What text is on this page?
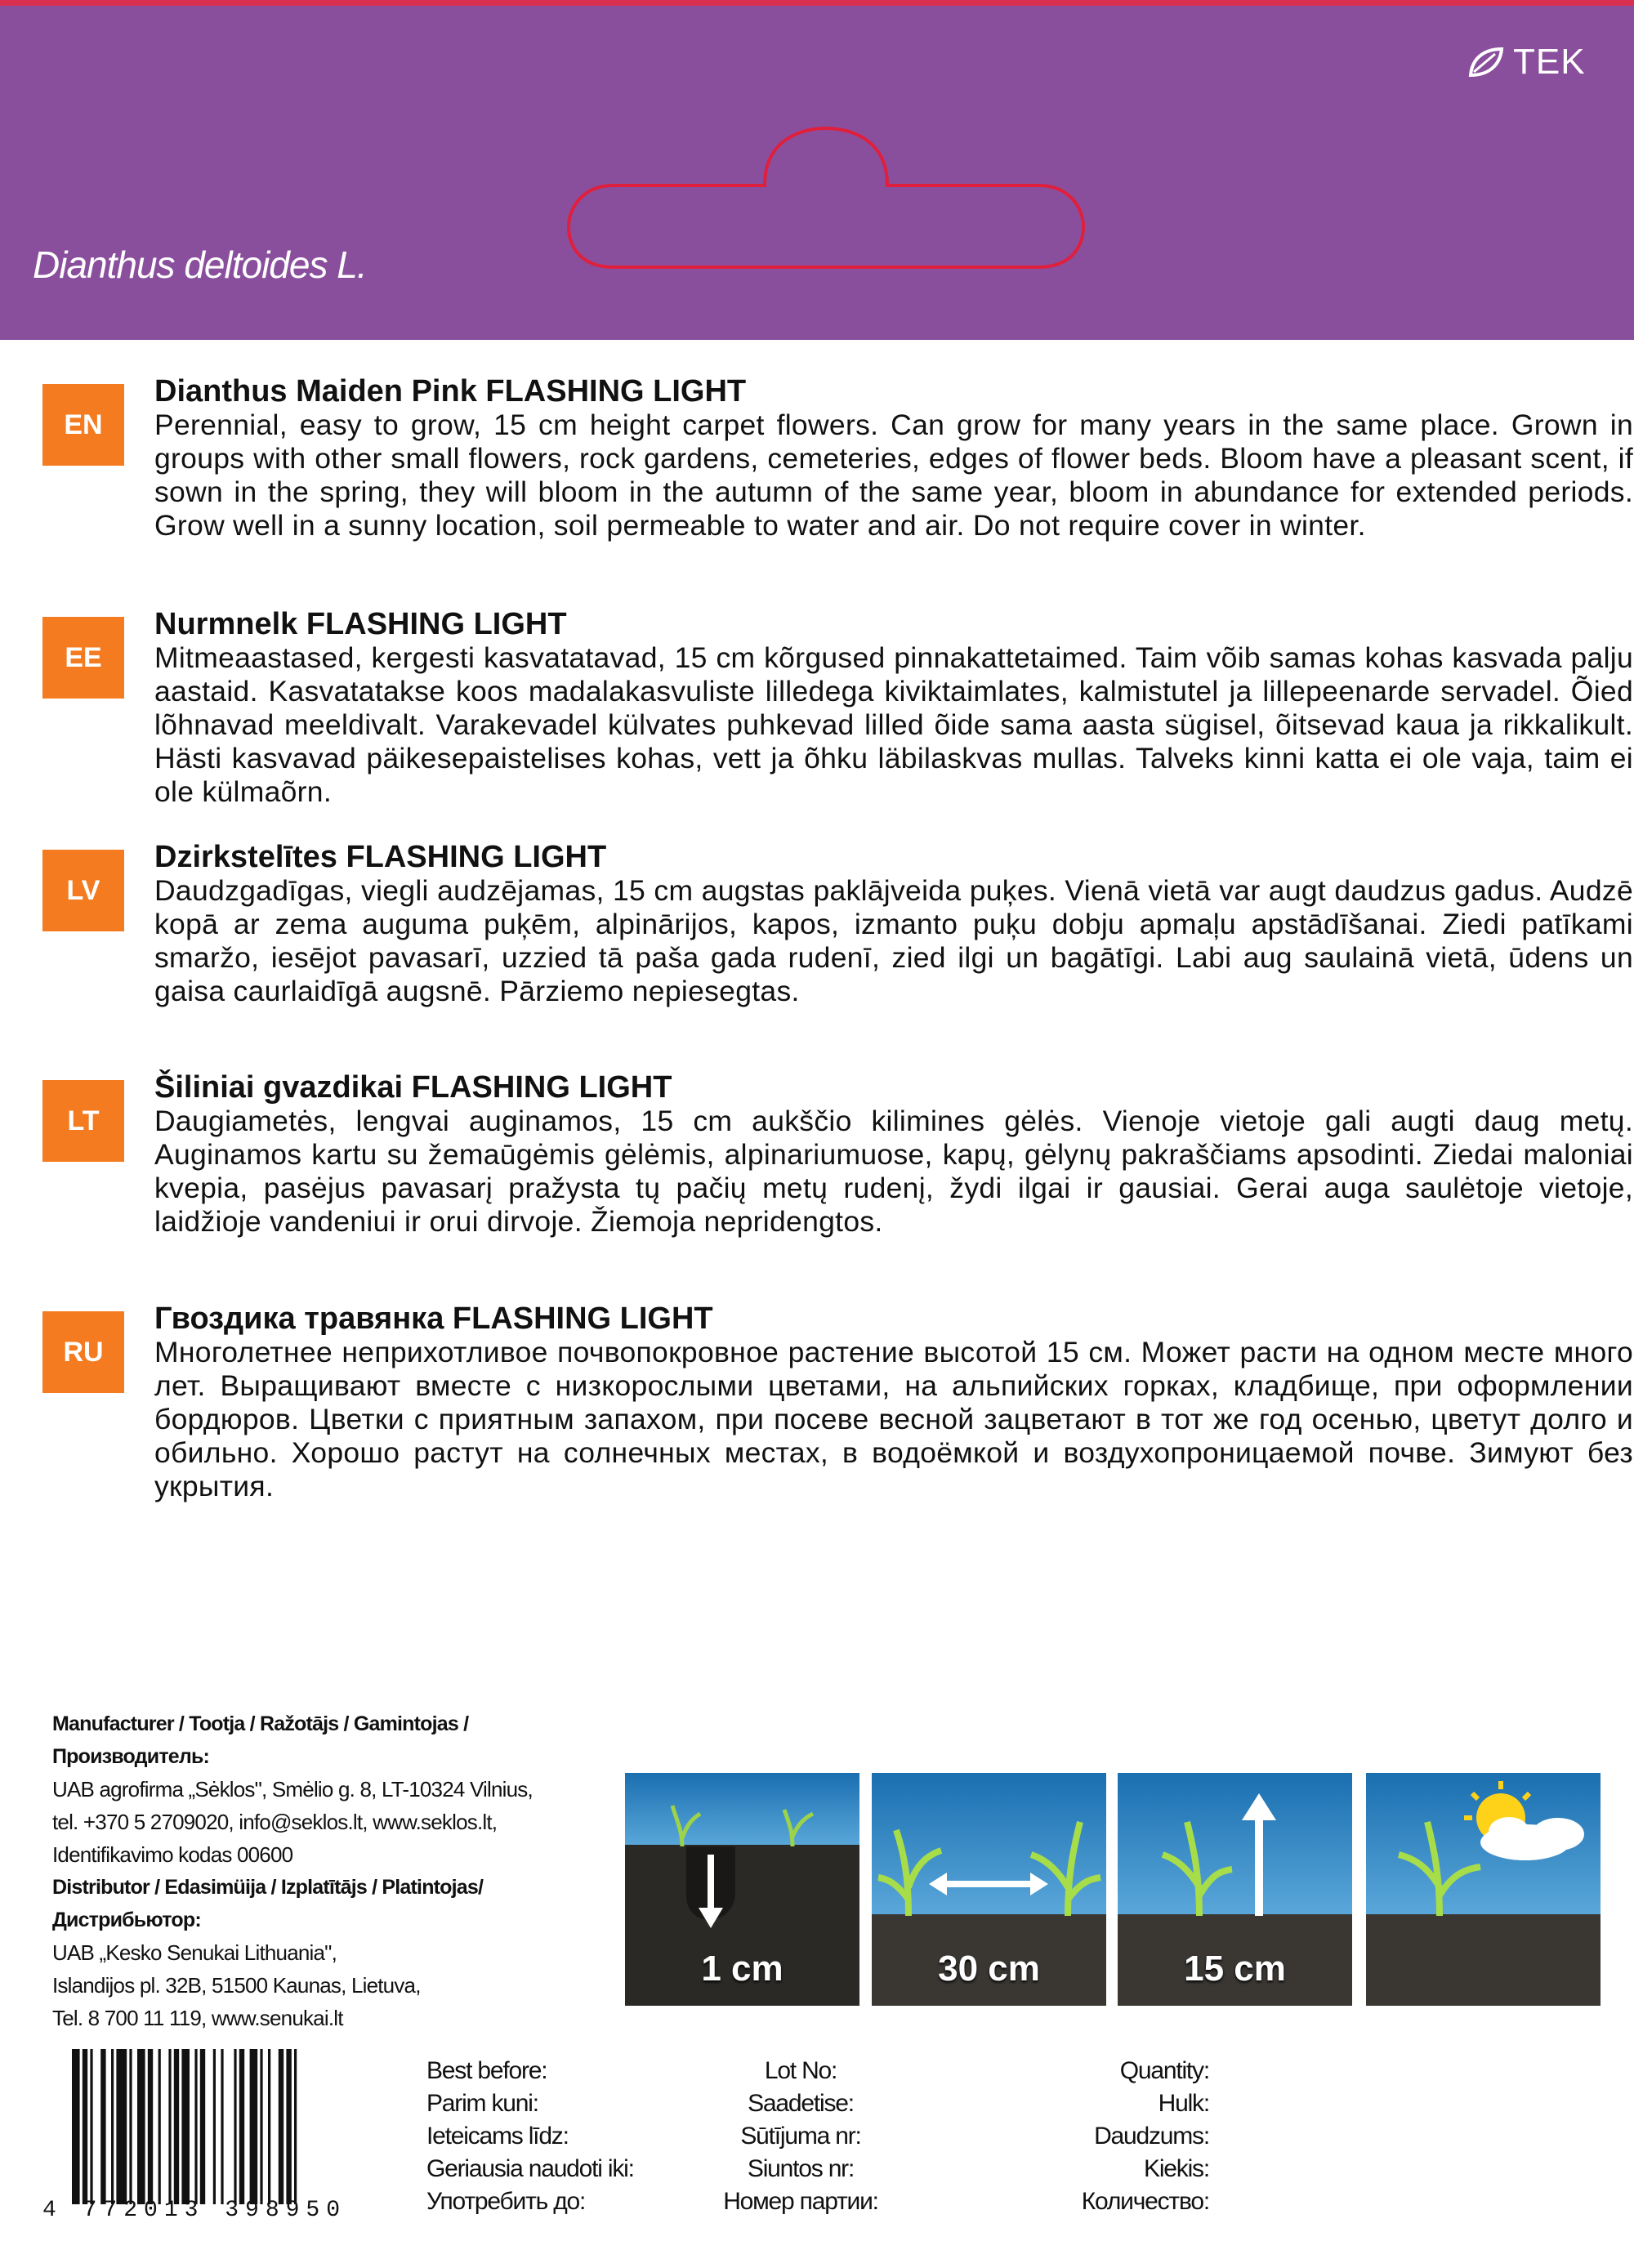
TEK
Dianthus deltoides L.
EN
Dianthus Maiden Pink FLASHING LIGHT
Perennial, easy to grow, 15 cm height carpet flowers. Can grow for many years in the same place. Grown in groups with other small flowers, rock gardens, cemeteries, edges of flower beds. Bloom have a pleasant scent, if sown in the spring, they will bloom in the autumn of the same year, bloom in abundance for extended periods. Grow well in a sunny location, soil permeable to water and air. Do not require cover in winter.
EE
Nurmnelk FLASHING LIGHT
Mitmeaastased, kergesti kasvatatavad, 15 cm kõrgused pinnakattetaimed. Taim võib samas kohas kasvada palju aastaid. Kasvatatakse koos madalakasvuliste lilledega kiviktaimlates, kalmistutel ja lillepeenarde servadel. Õied lõhnavad meeldivalt. Varakevadel külvates puhkevad lilled õide sama aasta sügisel, õitsevad kaua ja rikkalikult. Hästi kasvavad päikesepaistelises kohas, vett ja õhku läbilaskvas mullas. Talveks kinni katta ei ole vaja, taim ei ole külmaõrn.
LV
Dzirkstelītes FLASHING LIGHT
Daudzgadīgas, viegli audzējamas, 15 cm augstas paklājveida puķes. Vienā vietā var augt daudzus gadus. Audzē kopā ar zema auguma puķēm, alpinārijos, kapos, izmanto puķu dobju apmaļu apstādīšanai. Ziedi patīkami smaržo, iesējot pavasarī, uzzied tā paša gada rudenī, zied ilgi un bagātīgi. Labi aug saulainā vietā, ūdens un gaisa caurlaidīgā augsnē. Pārziemo nepiesegtas.
LT
Šiliniai gvazdikai FLASHING LIGHT
Daugiametės, lengvai auginamos, 15 cm aukščio kilimines gėlės. Vienoje vietoje gali augti daug metų. Auginamos kartu su žemaūgėmis gėlėmis, alpinariumuose, kapų, gėlynų pakraščiams apsodinti. Ziedai maloniai kvepia, pasėjus pavasarį pražysta tų pačių metų rudenį, žydi ilgai ir gausiai. Gerai auga saulėtoje vietoje, laidžioje vandeniui ir orui dirvoje. Žiemoja nepridengtos.
RU
Гвоздика травянка FLASHING LIGHT
Многолетнее неприхотливое почвопокровное растение высотой 15 см. Может расти на одном месте много лет. Выращивают вместе с низкорослыми цветами, на альпийских горках, кладбище, при оформлении бордюров. Цветки с приятным запахом, при посеве весной зацветают в тот же год осенью, цветут долго и обильно. Хорошо растут на солнечных местах, в водоёмкой и воздухопроницаемой почве. Зимуют без укрытия.
Manufacturer / Tootja / Ražotājs / Gamintojas /Производитель:
UAB agrofirma „Sėklos", Smėlio g. 8, LT-10324 Vilnius,
tel. +370 5 2709020, info@seklos.lt, www.seklos.lt,
Identifikavimo kodas 00600
Distributor / Edasimüija / Izplatītājs / Platintojas/ Дистрибьютор:
UAB „Kesko Senukai Lithuania",
Islandijos pl. 32B, 51500 Kaunas, Lietuva,
Tel. 8 700 11 119, www.senukai.lt
1 cm	30 cm	15 cm
4 772013 398950
Best before:
Parim kuni:
Ieteicams līdz:
Geriausia naudoti iki:
Употребить до:
Lot No:
Saadetise:
Sūtījuma nr:
Siuntos nr:
Номер партии:
Quantity:
Hulk:
Daudzums:
Kiekis:
Количество:
